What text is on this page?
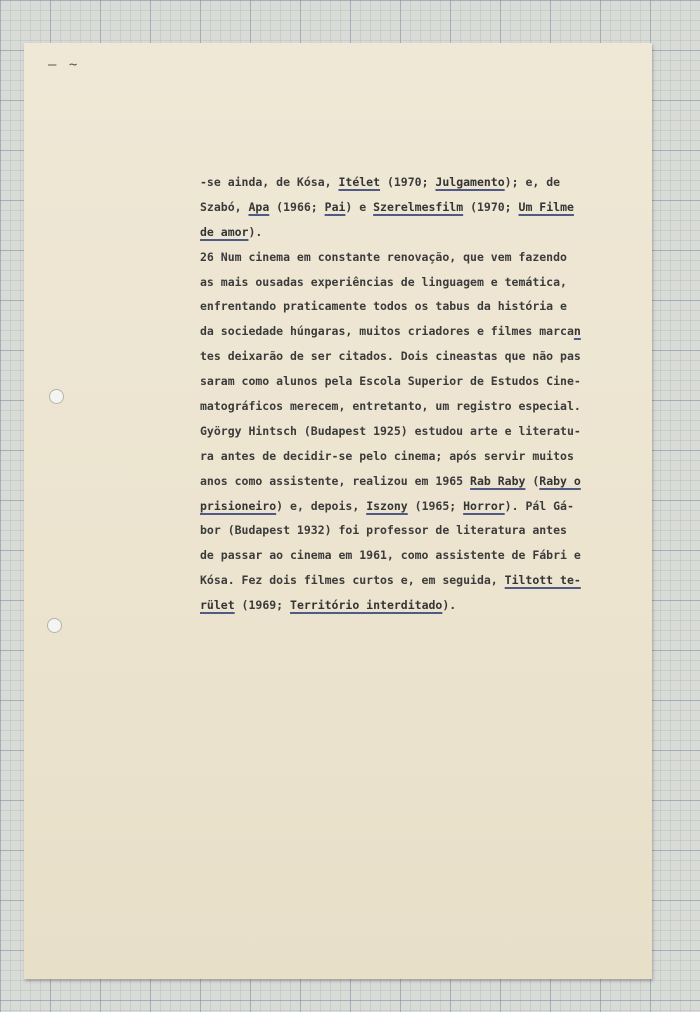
— ~
-se ainda, de Kósa, Itélet (1970; Julgamento); e, de
Szabó, Apa (1966; Pai) e Szerelmesfilm (1970; Um Filme
de amor).
26 Num cinema em constante renovação, que vem fazendo
as mais ousadas experiências de linguagem e temática,
enfrentando praticamente todos os tabus da história e
da sociedade húngaras, muitos criadores e filmes marcan
tes deixarão de ser citados. Dois cineastas que não pas
saram como alunos pela Escola Superior de Estudos Cine-
matográficos merecem, entretanto, um registro especial.
György Hintsch (Budapest 1925) estudou arte e literatu-
ra antes de decidir-se pelo cinema; após servir muitos
anos como assistente, realizou em 1965 Rab Raby (Raby o
prisioneiro) e, depois, Iszony (1965; Horror). Pál Gá-
bor (Budapest 1932) foi professor de literatura antes
de passar ao cinema em 1961, como assistente de Fábri e
Kósa. Fez dois filmes curtos e, em seguida, Tiltott te-
rület (1969; Território interditado).
